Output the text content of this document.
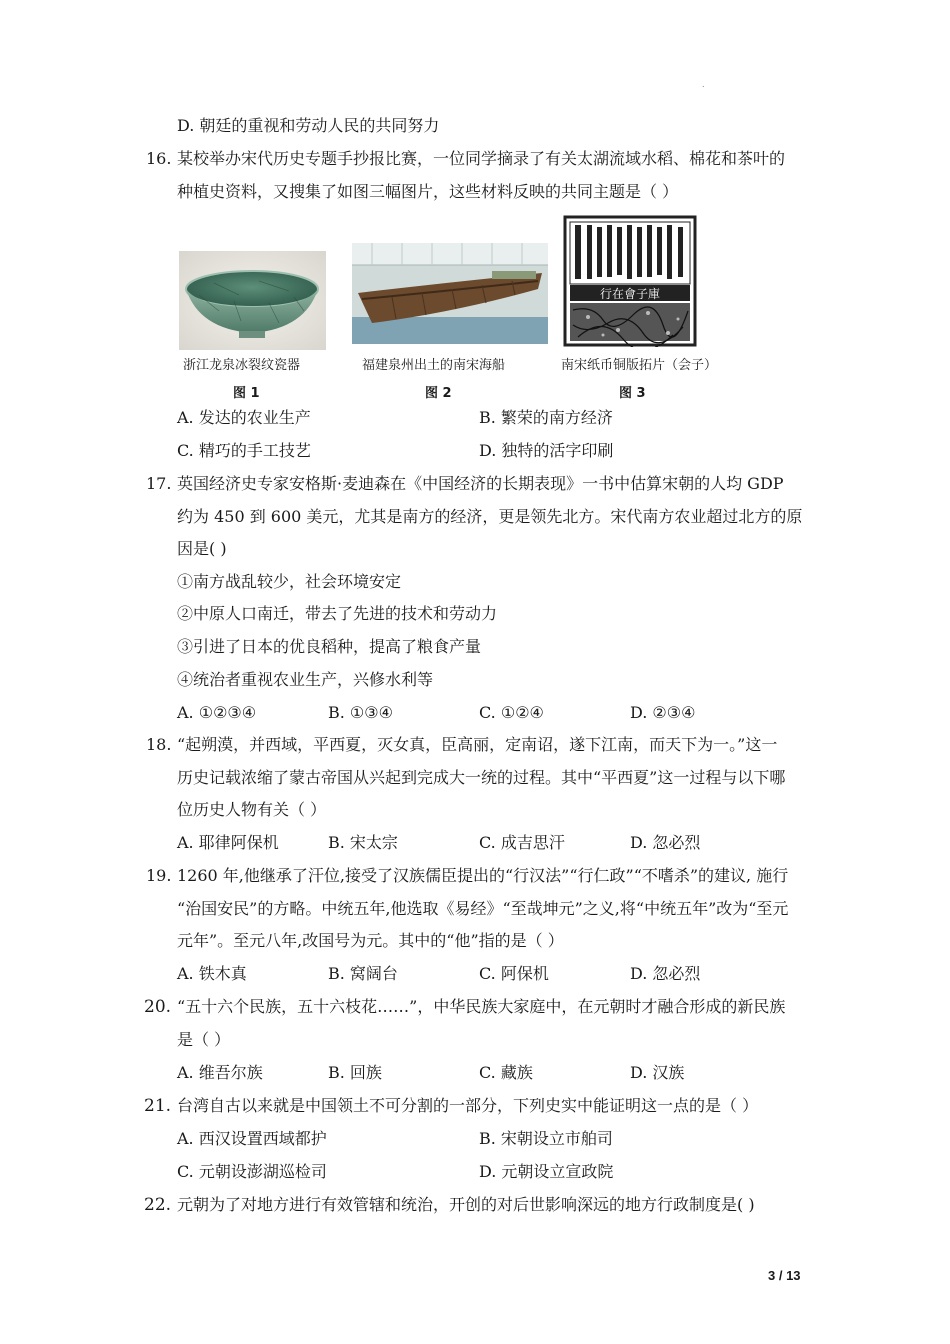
.
D. 朝廷的重视和劳动人民的共同努力
16. 某校举办宋代历史专题手抄报比赛，一位同学摘录了有关太湖流域水稻、棉花和茶叶的
种植史资料，又搜集了如图三幅图片，这些材料反映的共同主题是（ ）
浙江龙泉冰裂纹瓷器
图 1
福建泉州出土的南宋海船
图 2
行在會子庫
南宋纸币铜版拓片（会子）
图 3
A. 发达的农业生产	B. 繁荣的南方经济
C. 精巧的手工技艺	D. 独特的活字印刷
17. 英国经济史专家安格斯·麦迪森在《中国经济的长期表现》一书中估算宋朝的人均 GDP
约为 450 到 600 美元，尤其是南方的经济，更是领先北方。宋代南方农业超过北方的原
因是( )
①南方战乱较少，社会环境安定
②中原人口南迁，带去了先进的技术和劳动力
③引进了日本的优良稻种，提高了粮食产量
④统治者重视农业生产，兴修水利等
A. ①②③④	B. ①③④	C. ①②④	D. ②③④
18. “起朔漠，并西域，平西夏，灭女真，臣高丽，定南诏，遂下江南，而天下为一。”这一
历史记载浓缩了蒙古帝国从兴起到完成大一统的过程。其中“平西夏”这一过程与以下哪
位历史人物有关（ ）
A. 耶律阿保机	B. 宋太宗	C. 成吉思汗	D. 忽必烈
19. 1260 年,他继承了汗位,接受了汉族儒臣提出的“行汉法”“行仁政”“不嗜杀”的建议, 施行
“治国安民”的方略。中统五年,他选取《易经》“至哉坤元”之义,将“中统五年”改为“至元
元年”。至元八年,改国号为元。其中的“他”指的是（ ）
A. 铁木真	B. 窝阔台	C. 阿保机	D. 忽必烈
20. “五十六个民族，五十六枝花……”，中华民族大家庭中，在元朝时才融合形成的新民族
是（ ）
A. 维吾尔族	B. 回族	C. 藏族	D. 汉族
21. 台湾自古以来就是中国领土不可分割的一部分，下列史实中能证明这一点的是（ ）
A. 西汉设置西域都护	B. 宋朝设立市舶司
C. 元朝设澎湖巡检司	D. 元朝设立宣政院
22. 元朝为了对地方进行有效管辖和统治，开创的对后世影响深远的地方行政制度是( )
3 / 13
